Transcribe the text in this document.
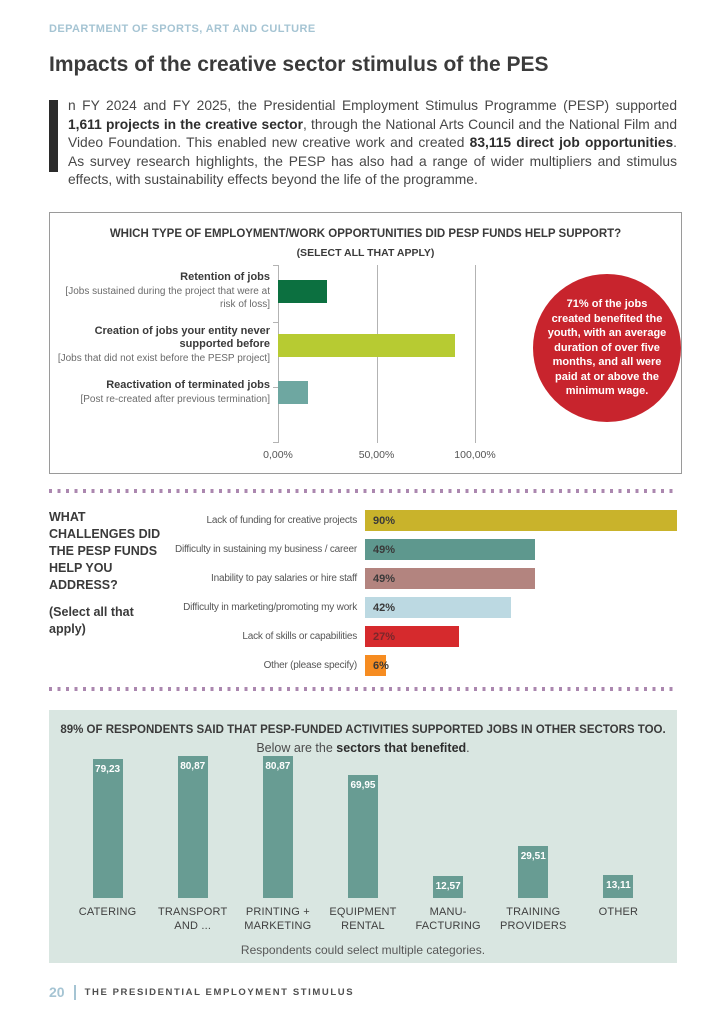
DEPARTMENT OF SPORTS, ART AND CULTURE
Impacts of the creative sector stimulus of the PES
n FY 2024 and FY 2025, the Presidential Employment Stimulus Programme (PESP) supported 1,611 projects in the creative sector, through the National Arts Council and the National Film and Video Foundation. This enabled new creative work and created 83,115 direct job opportunities. As survey research highlights, the PESP has also had a range of wider multipliers and stimulus effects, with sustainability effects beyond the life of the programme.
WHICH TYPE OF EMPLOYMENT/WORK OPPORTUNITIES DID PESP FUNDS HELP SUPPORT?
(SELECT ALL THAT APPLY)
Retention of jobs
[Jobs sustained during the project that were at risk of loss]
Creation of jobs your entity never supported before
[Jobs that did not exist before the PESP project]
Reactivation of terminated jobs
[Post re-created after previous termination]
0,00%	50,00%	100,00%
71% of the jobs created benefited the youth, with an average duration of over five months, and all were paid at or above the minimum wage.
WHAT CHALLENGES DID THE PESP FUNDS HELP YOU ADDRESS?
(Select all that apply)
Lack of funding for creative projects	90%
Difficulty in sustaining my business / career	49%
Inability to pay salaries or hire staff	49%
Difficulty in marketing/promoting my work	42%
Lack of skills or capabilities	27%
Other (please specify)	6%
89% OF RESPONDENTS SAID THAT PESP-FUNDED ACTIVITIES SUPPORTED JOBS IN OTHER SECTORS TOO.
Below are the sectors that benefited.
79,23	80,87	80,87
69,95
12,57
29,51
13,11
CATERING	TRANSPORT AND ...
PRINTING + MARKETING
EQUIPMENT RENTAL
MANU-FACTURING
TRAINING PROVIDERS
OTHER
Respondents could select multiple categories.
20 THE PRESIDENTIAL EMPLOYMENT STIMULUS
